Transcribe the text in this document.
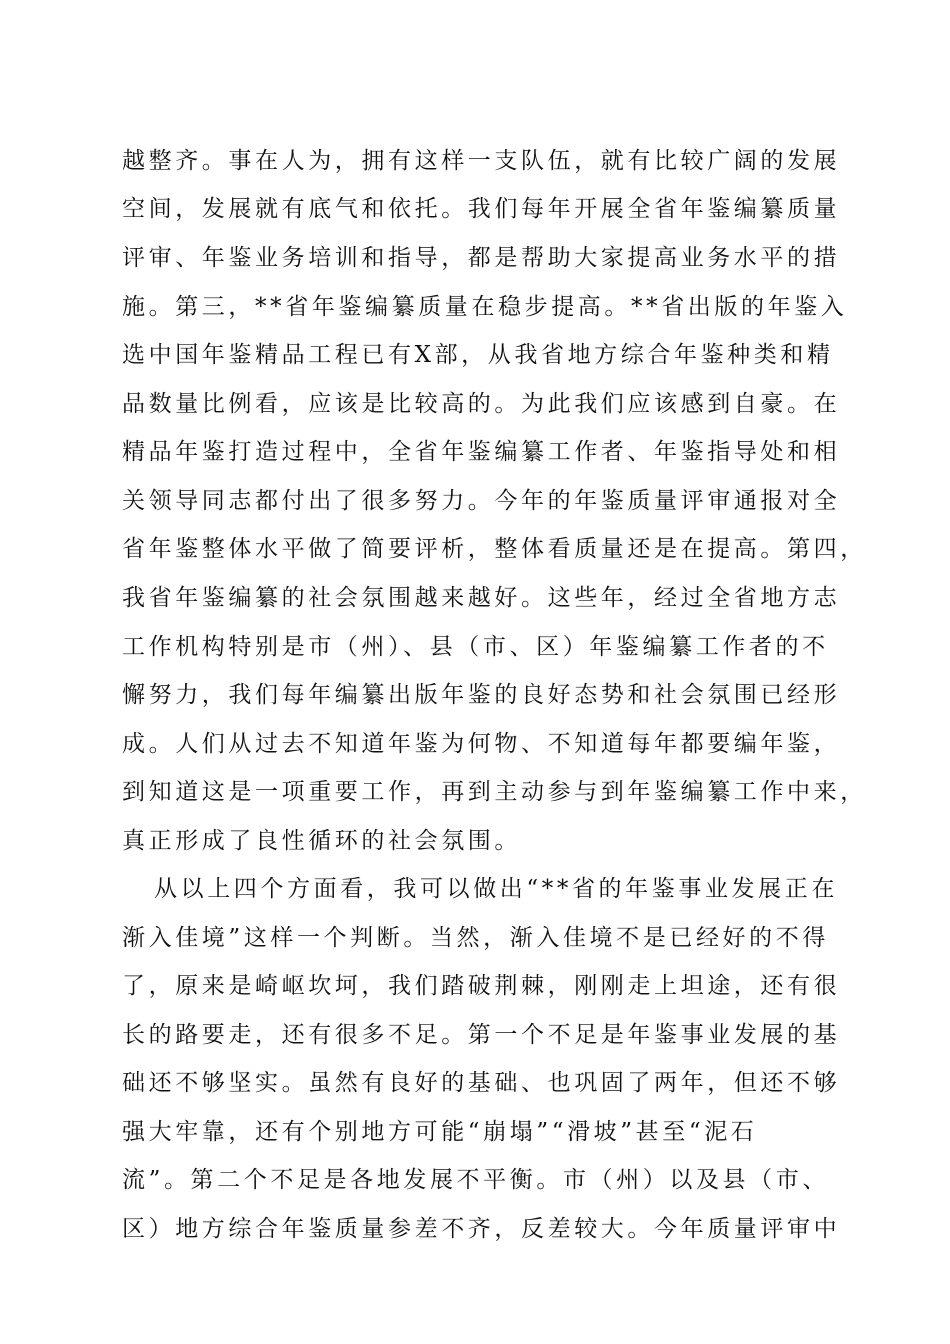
越整齐。事在人为，拥有这样一支队伍，就有比较广阔的发展
空间，发展就有底气和依托。我们每年开展全省年鉴编纂质量
评审、年鉴业务培训和指导，都是帮助大家提高业务水平的措
施。第三，**省年鉴编纂质量在稳步提高。**省出版的年鉴入
选中国年鉴精品工程已有X部，从我省地方综合年鉴种类和精
品数量比例看，应该是比较高的。为此我们应该感到自豪。在
精品年鉴打造过程中，全省年鉴编纂工作者、年鉴指导处和相
关领导同志都付出了很多努力。今年的年鉴质量评审通报对全
省年鉴整体水平做了简要评析，整体看质量还是在提高。第四，
我省年鉴编纂的社会氛围越来越好。这些年，经过全省地方志
工作机构特别是市（州）、县（市、区）年鉴编纂工作者的不
懈努力，我们每年编纂出版年鉴的良好态势和社会氛围已经形
成。人们从过去不知道年鉴为何物、不知道每年都要编年鉴，
到知道这是一项重要工作，再到主动参与到年鉴编纂工作中来，
真正形成了良性循环的社会氛围。
从以上四个方面看，我可以做出“**省的年鉴事业发展正在
渐入佳境”这样一个判断。当然，渐入佳境不是已经好的不得
了，原来是崎岖坎坷，我们踏破荆棘，刚刚走上坦途，还有很
长的路要走，还有很多不足。第一个不足是年鉴事业发展的基
础还不够坚实。虽然有良好的基础、也巩固了两年，但还不够
强大牢靠，还有个别地方可能“崩塌”“滑坡”甚至“泥石
流”。第二个不足是各地发展不平衡。市（州）以及县（市、
区）地方综合年鉴质量参差不齐，反差较大。今年质量评审中
